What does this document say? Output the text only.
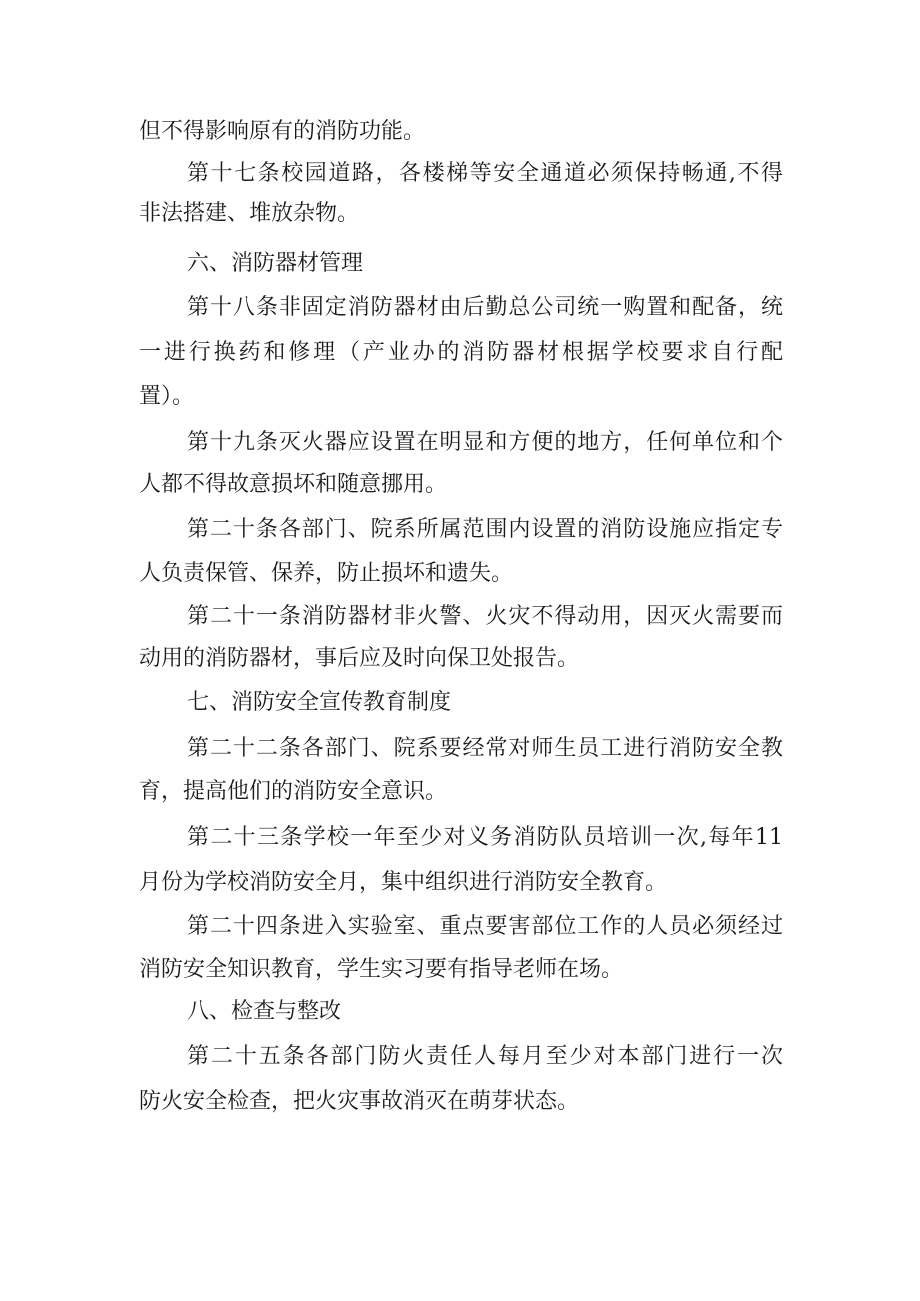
但不得影响原有的消防功能。
第十七条校园道路，各楼梯等安全通道必须保持畅通,不得
非法搭建、堆放杂物。
六、消防器材管理
第十八条非固定消防器材由后勤总公司统一购置和配备，统
一进行换药和修理（产业办的消防器材根据学校要求自行配
置）。
第十九条灭火器应设置在明显和方便的地方，任何单位和个
人都不得故意损坏和随意挪用。
第二十条各部门、院系所属范围内设置的消防设施应指定专
人负责保管、保养，防止损坏和遗失。
第二十一条消防器材非火警、火灾不得动用，因灭火需要而
动用的消防器材，事后应及时向保卫处报告。
七、消防安全宣传教育制度
第二十二条各部门、院系要经常对师生员工进行消防安全教
育，提高他们的消防安全意识。
第二十三条学校一年至少对义务消防队员培训一次,每年11
月份为学校消防安全月，集中组织进行消防安全教育。
第二十四条进入实验室、重点要害部位工作的人员必须经过
消防安全知识教育，学生实习要有指导老师在场。
八、检查与整改
第二十五条各部门防火责任人每月至少对本部门进行一次
防火安全检查，把火灾事故消灭在萌芽状态。
